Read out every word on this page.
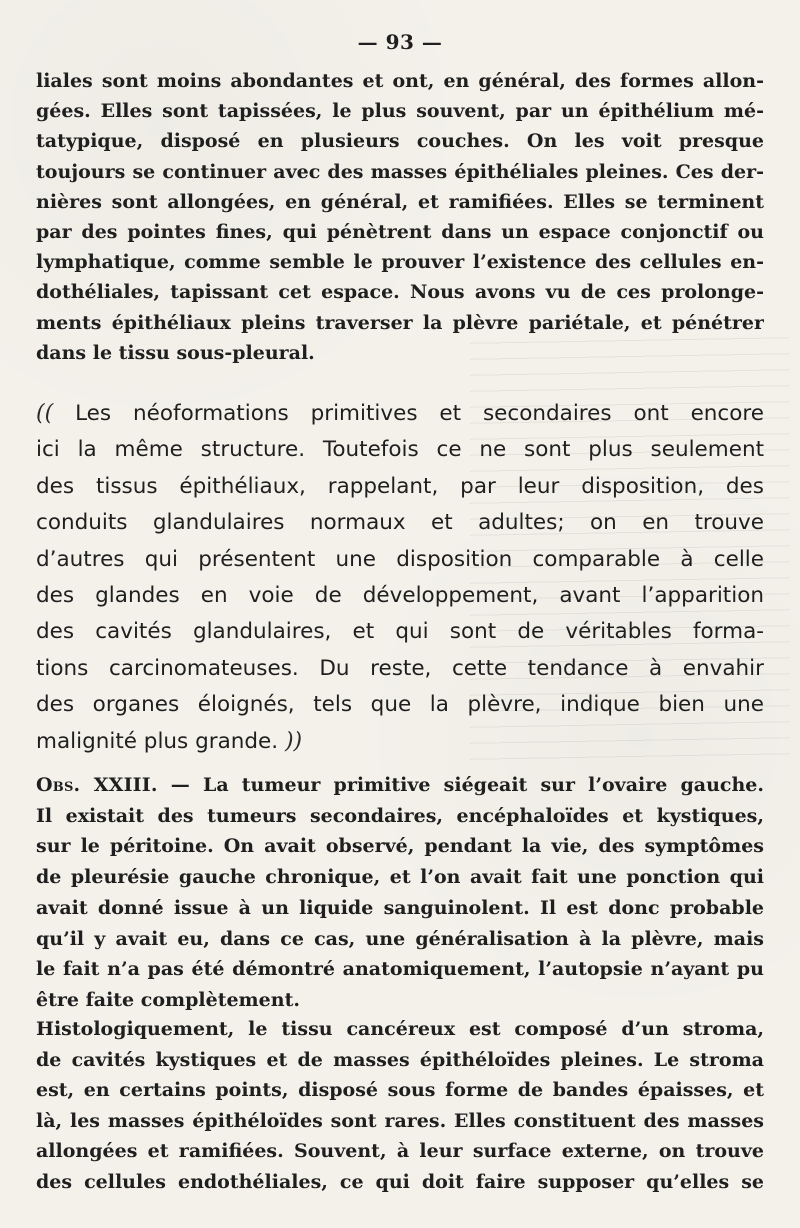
— 93 —
liales sont moins abondantes et ont, en général, des formes allon-
gées. Elles sont tapissées, le plus souvent, par un épithélium mé-
tatypique, disposé en plusieurs couches. On les voit presque
toujours se continuer avec des masses épithéliales pleines. Ces der-
nières sont allongées, en général, et ramifiées. Elles se terminent
par des pointes fines, qui pénètrent dans un espace conjonctif ou
lymphatique, comme semble le prouver l’existence des cellules en-
dothéliales, tapissant cet espace. Nous avons vu de ces prolonge-
ments épithéliaux pleins traverser la plèvre pariétale, et pénétrer
dans le tissu sous-pleural.
(( Les néoformations primitives et secondaires ont encore
ici la même structure. Toutefois ce ne sont plus seulement
des tissus épithéliaux, rappelant, par leur disposition, des
conduits glandulaires normaux et adultes; on en trouve
d’autres qui présentent une disposition comparable à celle
des glandes en voie de développement, avant l’apparition
des cavités glandulaires, et qui sont de véritables forma-
tions carcinomateuses. Du reste, cette tendance à envahir
des organes éloignés, tels que la plèvre, indique bien une
malignité plus grande. ))
Obs. XXIII. — La tumeur primitive siégeait sur l’ovaire gauche.
Il existait des tumeurs secondaires, encéphaloïdes et kystiques,
sur le péritoine. On avait observé, pendant la vie, des symptômes
de pleurésie gauche chronique, et l’on avait fait une ponction qui
avait donné issue à un liquide sanguinolent. Il est donc probable
qu’il y avait eu, dans ce cas, une généralisation à la plèvre, mais
le fait n’a pas été démontré anatomiquement, l’autopsie n’ayant pu
être faite complètement.
Histologiquement, le tissu cancéreux est composé d’un stroma,
de cavités kystiques et de masses épithéloïdes pleines. Le stroma
est, en certains points, disposé sous forme de bandes épaisses, et
là, les masses épithéloïdes sont rares. Elles constituent des masses
allongées et ramifiées. Souvent, à leur surface externe, on trouve
des cellules endothéliales, ce qui doit faire supposer qu’elles se
